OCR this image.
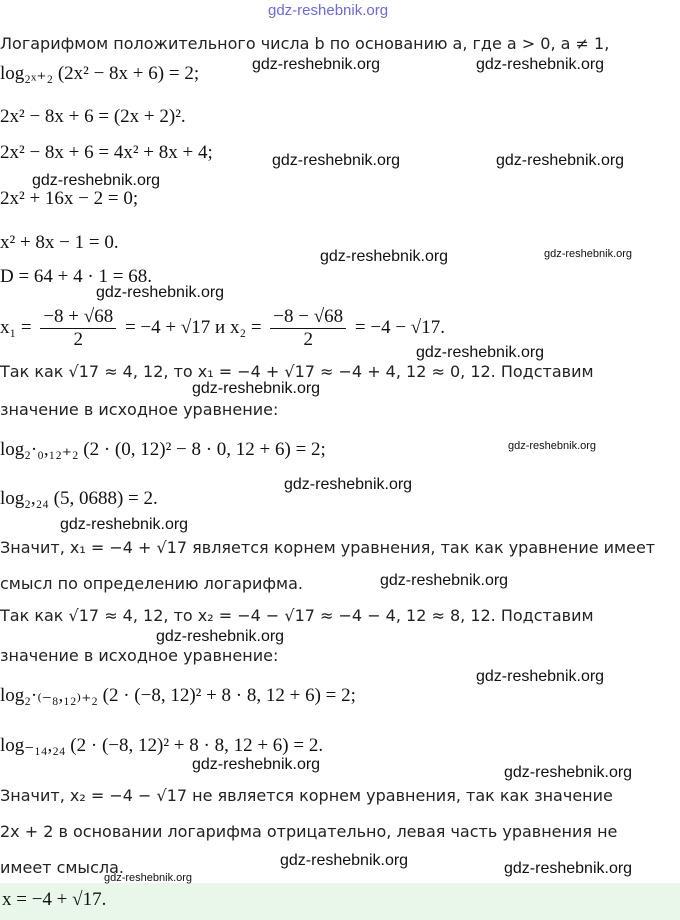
gdz-reshebnik.org
Логарифмом положительного числа b по основанию a, где a > 0, a ≠ 1,
log₂ₓ₊₂ (2x² − 8x + 6) = 2;
2x² − 8x + 6 = (2x + 2)².
2x² − 8x + 6 = 4x² + 8x + 4;
2x² + 16x − 2 = 0;
x² + 8x − 1 = 0.
D = 64 + 4 · 1 = 68.
$x_1 = \frac{-8 + √68}{2} = -4 + √17$ и $x_2 = \frac{-8 - √68}{2} = -4 - √17$.
Так как √17 ≈ 4, 12, то x₁ = −4 + √17 ≈ −4 + 4, 12 ≈ 0, 12. Подставим
значение в исходное уравнение:
log₂·₀,₁₂₊₂ (2 · (0, 12)² − 8 · 0, 12 + 6) = 2;
log₂,₂₄ (5, 0688) = 2.
Значит, x₁ = −4 + √17 является корнем уравнения, так как уравнение имеет
смысл по определению логарифма.
Так как √17 ≈ 4, 12, то x₂ = −4 − √17 ≈ −4 − 4, 12 ≈ 8, 12. Подставим
значение в исходное уравнение:
log₂·₍₋₈,₁₂₎₊₂ (2 · (−8, 12)² + 8 · 8, 12 + 6) = 2;
log₋₁₄,₂₄ (2 · (−8, 12)² + 8 · 8, 12 + 6) = 2.
Значит, x₂ = −4 − √17 не является корнем уравнения, так как значение
2x + 2 в основании логарифма отрицательно, левая часть уравнения не
имеет смысла.
x = −4 + √17.
gdz-reshebnik.org	gdz-reshebnik.org
gdz-reshebnik.org	gdz-reshebnik.org
gdz-reshebnik.org
gdz-reshebnik.org	gdz-reshebnik.org
gdz-reshebnik.org
gdz-reshebnik.org
gdz-reshebnik.org
gdz-reshebnik.org
gdz-reshebnik.org
gdz-reshebnik.org
gdz-reshebnik.org
gdz-reshebnik.org
gdz-reshebnik.org
gdz-reshebnik.org	gdz-reshebnik.org
gdz-reshebnik.org	gdz-reshebnik.org
gdz-reshebnik.org
